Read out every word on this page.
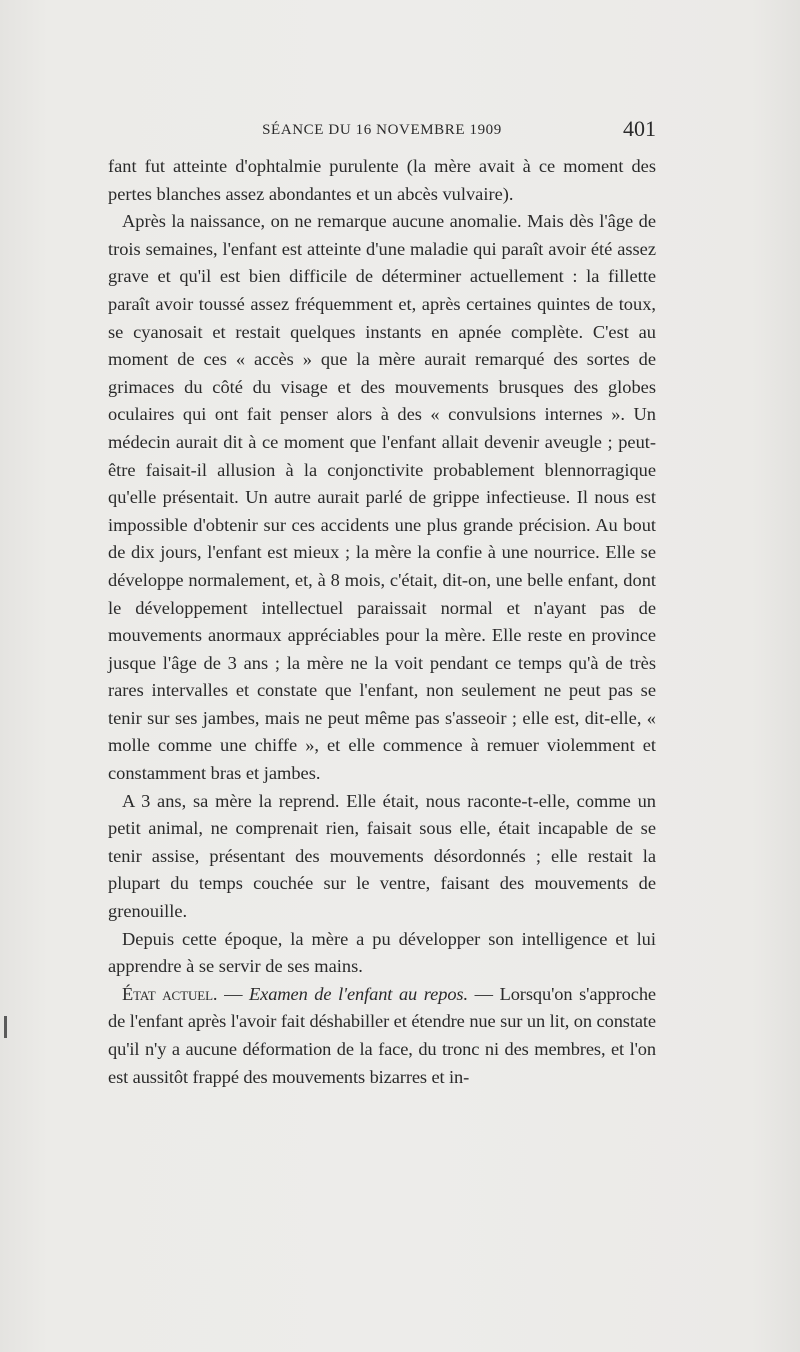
SÉANCE DU 16 NOVEMBRE 1909	401

fant fut atteinte d'ophtalmie purulente (la mère avait à ce moment des pertes blanches assez abondantes et un abcès vulvaire).

Après la naissance, on ne remarque aucune anomalie. Mais dès l'âge de trois semaines, l'enfant est atteinte d'une maladie qui paraît avoir été assez grave et qu'il est bien difficile de déterminer actuellement : la fillette paraît avoir toussé assez fréquemment et, après certaines quintes de toux, se cyanosait et restait quelques instants en apnée complète. C'est au moment de ces « accès » que la mère aurait remarqué des sortes de grimaces du côté du visage et des mouvements brusques des globes oculaires qui ont fait penser alors à des « convulsions internes ». Un médecin aurait dit à ce moment que l'enfant allait devenir aveugle ; peut-être faisait-il allusion à la conjonctivite probablement blennorragique qu'elle présentait. Un autre aurait parlé de grippe infectieuse. Il nous est impossible d'obtenir sur ces accidents une plus grande précision. Au bout de dix jours, l'enfant est mieux ; la mère la confie à une nourrice. Elle se développe normalement, et, à 8 mois, c'était, dit-on, une belle enfant, dont le développement intellectuel paraissait normal et n'ayant pas de mouvements anormaux appréciables pour la mère. Elle reste en province jusque l'âge de 3 ans ; la mère ne la voit pendant ce temps qu'à de très rares intervalles et constate que l'enfant, non seulement ne peut pas se tenir sur ses jambes, mais ne peut même pas s'asseoir ; elle est, dit-elle, « molle comme une chiffe », et elle commence à remuer violemment et constamment bras et jambes.

A 3 ans, sa mère la reprend. Elle était, nous raconte-t-elle, comme un petit animal, ne comprenait rien, faisait sous elle, était incapable de se tenir assise, présentant des mouvements désordonnés ; elle restait la plupart du temps couchée sur le ventre, faisant des mouvements de grenouille.

Depuis cette époque, la mère a pu développer son intelligence et lui apprendre à se servir de ses mains.

État actuel. — Examen de l'enfant au repos. — Lorsqu'on s'approche de l'enfant après l'avoir fait déshabiller et étendre nue sur un lit, on constate qu'il n'y a aucune déformation de la face, du tronc ni des membres, et l'on est aussitôt frappé des mouvements bizarres et in-
